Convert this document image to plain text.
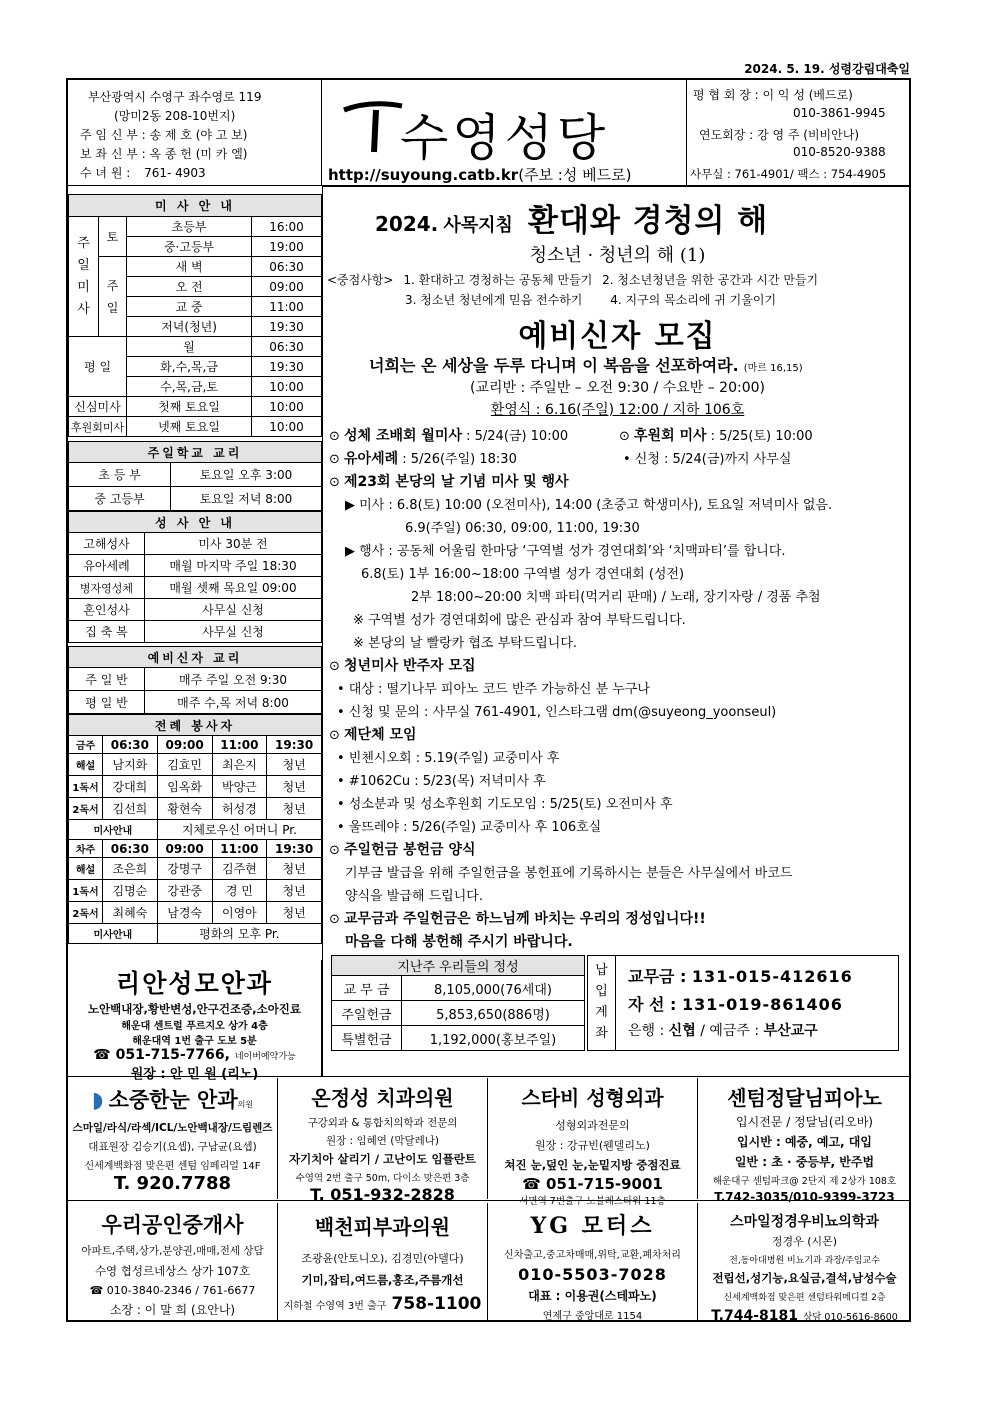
2024. 5. 19. 성령강림대축일
부산광역시 수영구 좌수영로 119
(망미2동 208-10번지)
주 임 신 부 : 송 제 호 (야 고 보)
보 좌 신 부 : 옥 종 헌 (미 카 엘)
수 녀 원 : 761- 4903
수영성당
http://suyoung.catb.kr(주보 :성 베드로)
평 협 회 장 : 이 익 성 (베드로)
010-3861-9945
연도회장 : 강 영 주 (비비안나)
010-8520-9388
사무실 : 761-4901/ 팩스 : 754-4905
미 사 안 내			

주
일
미
사	토	초등부	16:00
		중·고등부	19:00

	주
일	새 벽	06:30
		오 전	09:00
		교 중	11:00
		저녁(청년)	19:30
평 일		월	06:30
		화,수,목,금	19:30
		수,목,금,토	10:00
신심미사		첫째 토요일	10:00
후원회미사		넷째 토요일	10:00
주일학교 교리	
초 등 부	토요일 오후 3:00
중 고등부	토요일 저녁 8:00
성 사 안 내	
고해성사	미사 30분 전
유아세례	매월 마지막 주일 18:30
병자영성체	매월 셋째 목요일 09:00
혼인성사	사무실 신청
집 축 복	사무실 신청
예비신자 교리	
주 일 반	매주 주일 오전 9:30
평 일 반	매주 수,목 저녁 8:00
전례 봉사자				
금주	06:30	09:00	11:00	19:30
해설	남지화	김효민	최은지	청년
1독서	강대희	임옥화	박양근	청년
2독서	김선희	황현숙	허성경	청년
미사안내		지체로우신 어머니 Pr.		
차주	06:30	09:00	11:00	19:30
해설	조은희	강명구	김주현	청년
1독서	김명순	강관중	경 민	청년
2독서	최혜숙	남경숙	이영아	청년
미사안내		평화의 모후 Pr.		
리안성모안과
노안백내장,황반변성,안구건조증,소아진료
해운대 센트럴 푸르지오 상가 4층
해운대역 1번 출구 도보 5분
☎ 051-715-7766, 네이버예약가능
원장 : 안 민 원 (리노)
2024. 사목지침 환대와 경청의 해
청소년 · 청년의 해 (1)
<중점사항> 1. 환대하고 경청하는 공동체 만들기 2. 청소년청년을 위한 공간과 시간 만들기
3. 청소년 청년에게 믿음 전수하기 4. 지구의 목소리에 귀 기울이기
예비신자 모집
너희는 온 세상을 두루 다니며 이 복음을 선포하여라. (마르 16,15)
(교리반 : 주일반 – 오전 9:30 / 수요반 – 20:00)
환영식 : 6.16(주일) 12:00 / 지하 106호
⊙ 성체 조배회 월미사 : 5/24(금) 10:00	⊙ 후원회 미사 : 5/25(토) 10:00
⊙ 유아세례 : 5/26(주일) 18:30	• 신청 : 5/24(금)까지 사무실
⊙ 제23회 본당의 날 기념 미사 및 행사
▶ 미사 : 6.8(토) 10:00 (오전미사), 14:00 (초중고 학생미사), 토요일 저녁미사 없음.
6.9(주일) 06:30, 09:00, 11:00, 19:30
▶ 행사 : 공동체 어울림 한마당 ‘구역별 성가 경연대회’와 ‘치맥파티’를 합니다.
6.8(토) 1부 16:00~18:00 구역별 성가 경연대회 (성전)
2부 18:00~20:00 치맥 파티(먹거리 판매) / 노래, 장기자랑 / 경품 추첨
※ 구역별 성가 경연대회에 많은 관심과 참여 부탁드립니다.
※ 본당의 날 빨랑카 협조 부탁드립니다.
⊙ 청년미사 반주자 모집
• 대상 : 떨기나무 피아노 코드 반주 가능하신 분 누구나
• 신청 및 문의 : 사무실 761-4901, 인스타그램 dm(@suyeong_yoonseul)
⊙ 제단체 모임
• 빈첸시오회 : 5.19(주일) 교중미사 후
• #1062Cu : 5/23(목) 저녁미사 후
• 성소분과 및 성소후원회 기도모임 : 5/25(토) 오전미사 후
• 울뜨레야 : 5/26(주일) 교중미사 후 106호실
⊙ 주일헌금 봉헌금 양식
기부금 발급을 위해 주일헌금을 봉헌표에 기록하시는 분들은 사무실에서 바코드
양식을 발급해 드립니다.
⊙ 교무금과 주일헌금은 하느님께 바치는 우리의 정성입니다!!
마음을 다해 봉헌해 주시기 바랍니다.
지난주 우리들의 정성	
교 무 금	8,105,000(76세대)
주일헌금	5,853,650(886명)
특별헌금	1,192,000(홍보주일)
납
입
계
좌
교무금 : 131-015-412616
자 선 : 131-019-861406
은행 : 신협 / 예금주 : 부산교구
◗ 소중한눈 안과의원
스마일/라식/라섹/ICL/노안백내장/드림렌즈
대표원장 김승기(요셉), 구남균(요셉)
신세계백화점 맞은편 센텀 임페리얼 14F
T. 920.7788
온정성 치과의원
구강외과 & 통합치의학과 전문의
원장 : 임혜연 (막달레나)
자기치아 살리기 / 고난이도 임플란트
수영역 2번 출구 50m, 다이소 맞은편 3층
T. 051-932-2828
스타비 성형외과
성형외과전문의
원장 : 강규빈(웬델리노)
쳐진 눈,덮인 눈,눈밑지방 중점진료
☎ 051-715-9001
서면역 7번출구 노블레스타워 11층
센텀정달님피아노
입시전문 / 정달님(리오바)
입시반 : 예중, 예고, 대입
일반 : 초 · 중등부, 반주법
해운대구 센텀파크@ 2단지 제 2상가 108호
T.742-3035/010-9399-3723
우리공인중개사
아파트,주택,상가,분양권,매매,전세 상담
수영 협성르네상스 상가 107호
☎ 010-3840-2346 / 761-6677
소장 : 이 말 희 (요안나)
백천피부과의원
조광윤(안토니오), 김경민(아델다)
기미,잡티,여드름,홍조,주름개선
지하철 수영역 3번 출구 758-1100
YG 모터스
신차출고,중고차매매,위탁,교환,폐차처리
010-5503-7028
대표 : 이용권(스테파노)
연제구 중앙대로 1154
스마일정경우비뇨의학과
정경우 (시몬)
전,동아대병원 비뇨기과 과장/주임교수
전립선,성기능,요실금,결석,남성수술
신세계백화점 맞은편 센텀타워메디컬 2층
T.744-8181 상담 010-5616-8600
